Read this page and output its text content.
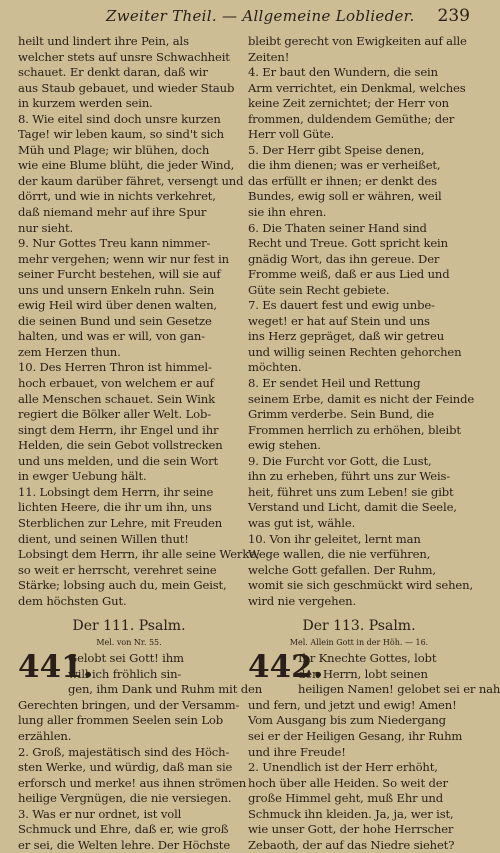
Zweiter Theil. — Allgemeine Loblieder. 239
heilt und lindert ihre Pein, als
welcher stets auf unsre Schwachheit
schauet. Er denkt daran, daß wir
aus Staub gebauet, und wieder Staub
in kurzem werden sein.
8. Wie eitel sind doch unsre kurzen
Tage! wir leben kaum, so sind't sich
Müh und Plage; wir blühen, doch
wie eine Blume blüht, die jeder Wind,
der kaum darüber fähret, versengt und
dörrt, und wie in nichts verkehret,
daß niemand mehr auf ihre Spur
nur sieht.
9. Nur Gottes Treu kann nimmer-
mehr vergehen; wenn wir nur fest in
seiner Furcht bestehen, will sie auf
uns und unsern Enkeln ruhn. Sein
ewig Heil wird über denen walten,
die seinen Bund und sein Gesetze
halten, und was er will, von gan-
zem Herzen thun.
10. Des Herren Thron ist himmel-
hoch erbauet, von welchem er auf
alle Menschen schauet. Sein Wink
regiert die Bölker aller Welt. Lob-
singt dem Herrn, ihr Engel und ihr
Helden, die sein Gebot vollstrecken
und uns melden, und die sein Wort
in ewger Uebung hält.
11. Lobsingt dem Herrn, ihr seine
lichten Heere, die ihr um ihn, uns
Sterblichen zur Lehre, mit Freuden
dient, und seinen Willen thut!
Lobsingt dem Herrn, ihr alle seine Werke;
so weit er herrscht, verehret seine
Stärke; lobsing auch du, mein Geist,
dem höchsten Gut.
Der 111. Psalm.
Mel. von Nr. 55.
441.
Gelobt sei Gott! ihm
will ich fröhlich sin-
gen, ihm Dank und Ruhm mit den
Gerechten bringen, und der Versamm-
lung aller frommen Seelen sein Lob
erzählen.
2. Groß, majestätisch sind des Höch-
sten Werke, und würdig, daß man sie
erforsch und merke! aus ihnen strömen
heilige Vergnügen, die nie versiegen.
3. Was er nur ordnet, ist voll
Schmuck und Ehre, daß er, wie groß
er sei, die Welten lehre. Der Höchste
bleibt gerecht von Ewigkeiten auf alle
Zeiten!
4. Er baut den Wundern, die sein
Arm verrichtet, ein Denkmal, welches
keine Zeit zernichtet; der Herr von
frommen, duldendem Gemüthe; der
Herr voll Güte.
5. Der Herr gibt Speise denen,
die ihm dienen; was er verheißet,
das erfüllt er ihnen; er denkt des
Bundes, ewig soll er währen, weil
sie ihn ehren.
6. Die Thaten seiner Hand sind
Recht und Treue. Gott spricht kein
gnädig Wort, das ihn gereue. Der
Fromme weiß, daß er aus Lied und
Güte sein Recht gebiete.
7. Es dauert fest und ewig unbe-
weget! er hat auf Stein und uns
ins Herz gepräget, daß wir getreu
und willig seinen Rechten gehorchen
möchten.
8. Er sendet Heil und Rettung
seinem Erbe, damit es nicht der Feinde
Grimm verderbe. Sein Bund, die
Frommen herrlich zu erhöhen, bleibt
ewig stehen.
9. Die Furcht vor Gott, die Lust,
ihn zu erheben, führt uns zur Weis-
heit, führet uns zum Leben! sie gibt
Verstand und Licht, damit die Seele,
was gut ist, wähle.
10. Von ihr geleitet, lernt man
Wege wallen, die nie verführen,
welche Gott gefallen. Der Ruhm,
womit sie sich geschmückt wird sehen,
wird nie vergehen.
Der 113. Psalm.
Mel. Allein Gott in der Höh. — 16.
442.
Ihr Knechte Gottes, lobt
den Herrn, lobt seinen
heiligen Namen! gelobet sei er nah
und fern, und jetzt und ewig! Amen!
Vom Ausgang bis zum Niedergang
sei er der Heiligen Gesang, ihr Ruhm
und ihre Freude!
2. Unendlich ist der Herr erhöht,
hoch über alle Heiden. So weit der
große Himmel geht, muß Ehr und
Schmuck ihn kleiden. Ja, ja, wer ist,
wie unser Gott, der hohe Herrscher
Zebaoth, der auf das Niedre siehet?
